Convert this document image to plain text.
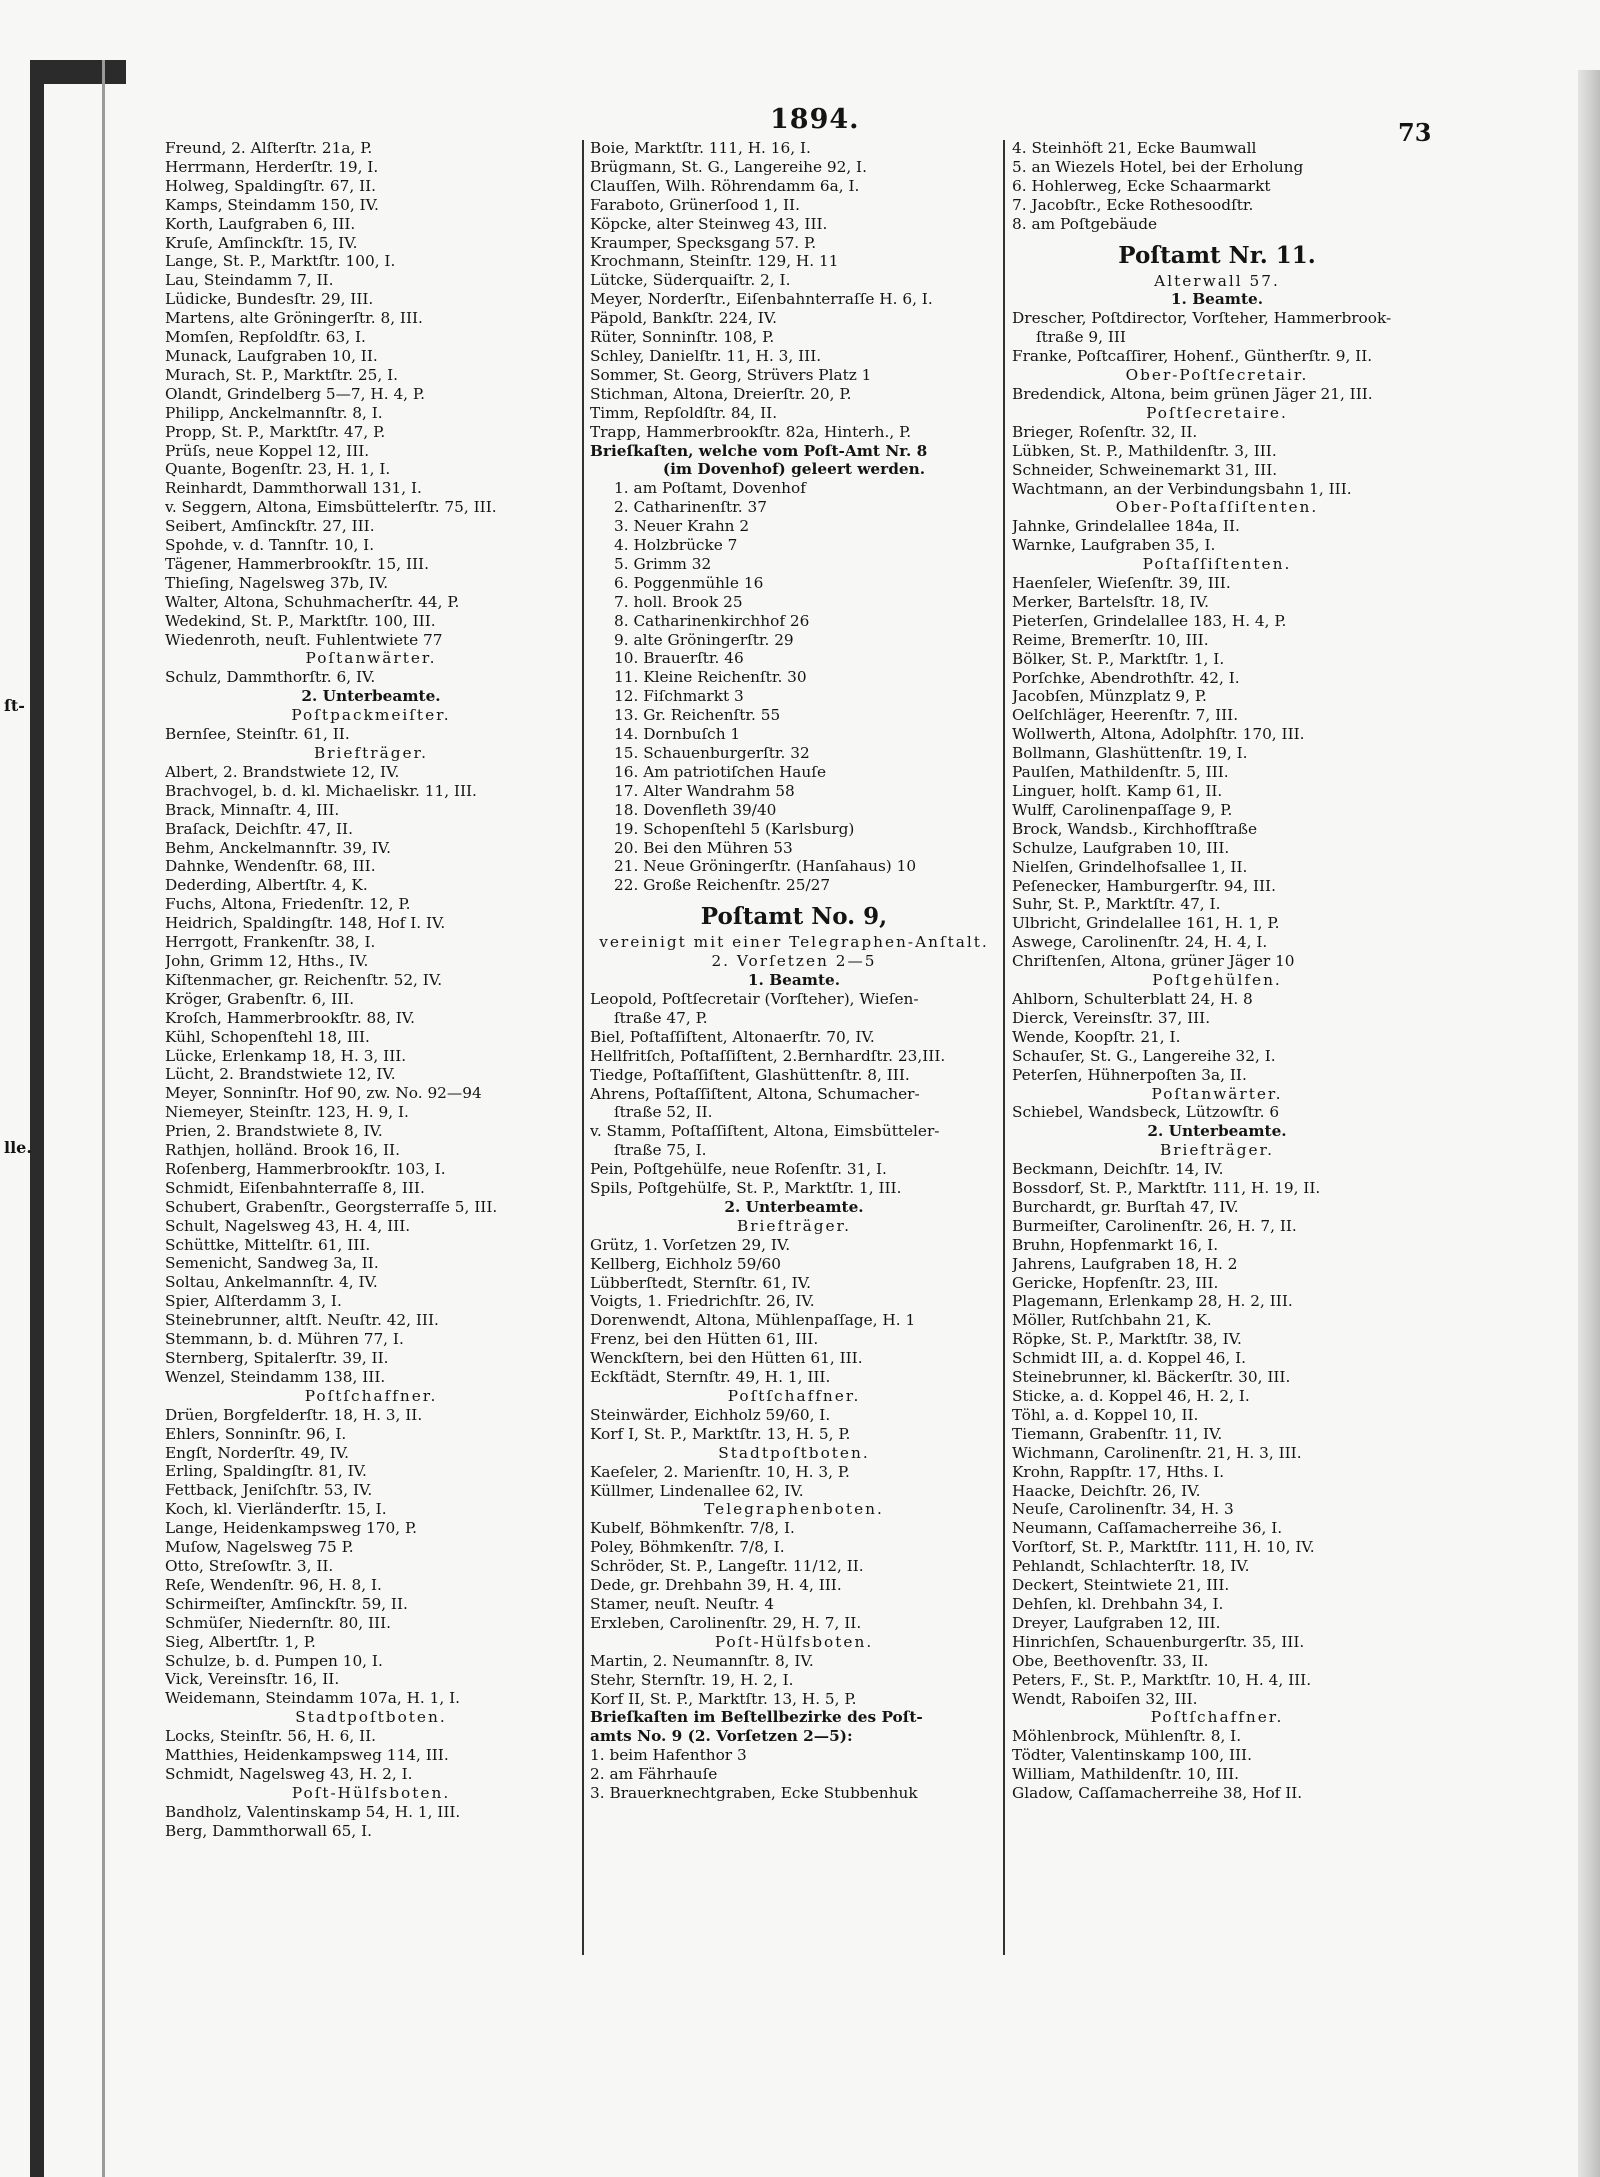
ſt-
lle.
1894.	73
Freund, 2. Alſterſtr. 21a, P.
Herrmann, Herderſtr. 19, I.
Holweg, Spaldingſtr. 67, II.
Kamps, Steindamm 150, IV.
Korth, Laufgraben 6, III.
Kruſe, Amſinckſtr. 15, IV.
Lange, St. P., Marktſtr. 100, I.
Lau, Steindamm 7, II.
Lüdicke, Bundesſtr. 29, III.
Martens, alte Gröningerſtr. 8, III.
Momſen, Repſoldſtr. 63, I.
Munack, Laufgraben 10, II.
Murach, St. P., Marktſtr. 25, I.
Olandt, Grindelberg 5—7, H. 4, P.
Philipp, Anckelmannſtr. 8, I.
Propp, St. P., Marktſtr. 47, P.
Prüſs, neue Koppel 12, III.
Quante, Bogenſtr. 23, H. 1, I.
Reinhardt, Dammthorwall 131, I.
v. Seggern, Altona, Eimsbüttelerſtr. 75, III.
Seibert, Amſinckſtr. 27, III.
Spohde, v. d. Tannſtr. 10, I.
Tägener, Hammerbrookſtr. 15, III.
Thieſing, Nagelsweg 37b, IV.
Walter, Altona, Schuhmacherſtr. 44, P.
Wedekind, St. P., Marktſtr. 100, III.
Wiedenroth, neuſt. Fuhlentwiete 77
Poſtanwärter.
Schulz, Dammthorſtr. 6, IV.
2. Unterbeamte.
Poſtpackmeiſter.
Bernſee, Steinſtr. 61, II.
Briefträger.
Albert, 2. Brandstwiete 12, IV.
Brachvogel, b. d. kl. Michaeliskr. 11, III.
Brack, Minnaſtr. 4, III.
Braſack, Deichſtr. 47, II.
Behm, Anckelmannſtr. 39, IV.
Dahnke, Wendenſtr. 68, III.
Dederding, Albertſtr. 4, K.
Fuchs, Altona, Friedenſtr. 12, P.
Heidrich, Spaldingſtr. 148, Hof I. IV.
Herrgott, Frankenſtr. 38, I.
John, Grimm 12, Hths., IV.
Kiſtenmacher, gr. Reichenſtr. 52, IV.
Kröger, Grabenſtr. 6, III.
Kroſch, Hammerbrookſtr. 88, IV.
Kühl, Schopenſtehl 18, III.
Lücke, Erlenkamp 18, H. 3, III.
Lücht, 2. Brandstwiete 12, IV.
Meyer, Sonninſtr. Hof 90, zw. No. 92—94
Niemeyer, Steinſtr. 123, H. 9, I.
Prien, 2. Brandstwiete 8, IV.
Rathjen, holländ. Brook 16, II.
Roſenberg, Hammerbrookſtr. 103, I.
Schmidt, Eiſenbahnterraſſe 8, III.
Schubert, Grabenſtr., Georgsterraſſe 5, III.
Schult, Nagelsweg 43, H. 4, III.
Schüttke, Mittelſtr. 61, III.
Semenicht, Sandweg 3a, II.
Soltau, Ankelmannſtr. 4, IV.
Spier, Alſterdamm 3, I.
Steinebrunner, altſt. Neuſtr. 42, III.
Stemmann, b. d. Mühren 77, I.
Sternberg, Spitalerſtr. 39, II.
Wenzel, Steindamm 138, III.
Poſtſchaffner.
Drüen, Borgfelderſtr. 18, H. 3, II.
Ehlers, Sonninſtr. 96, I.
Engſt, Norderſtr. 49, IV.
Erling, Spaldingſtr. 81, IV.
Fettback, Jeniſchſtr. 53, IV.
Koch, kl. Vierländerſtr. 15, I.
Lange, Heidenkampsweg 170, P.
Muſow, Nagelsweg 75 P.
Otto, Streſowſtr. 3, II.
Reſe, Wendenſtr. 96, H. 8, I.
Schirmeiſter, Amſinckſtr. 59, II.
Schmüſer, Niedernſtr. 80, III.
Sieg, Albertſtr. 1, P.
Schulze, b. d. Pumpen 10, I.
Vick, Vereinsſtr. 16, II.
Weidemann, Steindamm 107a, H. 1, I.
Stadtpoſtboten.
Locks, Steinſtr. 56, H. 6, II.
Matthies, Heidenkampsweg 114, III.
Schmidt, Nagelsweg 43, H. 2, I.
Poſt-Hülfsboten.
Bandholz, Valentinskamp 54, H. 1, III.
Berg, Dammthorwall 65, I.
Boie, Marktſtr. 111, H. 16, I.
Brügmann, St. G., Langereihe 92, I.
Clauſſen, Wilh. Röhrendamm 6a, I.
Faraboto, Grünerſood 1, II.
Köpcke, alter Steinweg 43, III.
Kraumper, Specksgang 57. P.
Krochmann, Steinſtr. 129, H. 11
Lütcke, Süderquaiſtr. 2, I.
Meyer, Norderſtr., Eiſenbahnterraſſe H. 6, I.
Päpold, Bankſtr. 224, IV.
Rüter, Sonninſtr. 108, P.
Schley, Danielſtr. 11, H. 3, III.
Sommer, St. Georg, Strüvers Platz 1
Stichman, Altona, Dreierſtr. 20, P.
Timm, Repſoldſtr. 84, II.
Trapp, Hammerbrookſtr. 82a, Hinterh., P.
Brieſkaſten, welche vom Poſt-Amt Nr. 8
(im Dovenhof) geleert werden.
1. am Poſtamt, Dovenhof
2. Catharinenſtr. 37
3. Neuer Krahn 2
4. Holzbrücke 7
5. Grimm 32
6. Poggenmühle 16
7. holl. Brook 25
8. Catharinenkirchhof 26
9. alte Gröningerſtr. 29
10. Brauerſtr. 46
11. Kleine Reichenſtr. 30
12. Fiſchmarkt 3
13. Gr. Reichenſtr. 55
14. Dornbuſch 1
15. Schauenburgerſtr. 32
16. Am patriotiſchen Hauſe
17. Alter Wandrahm 58
18. Dovenfleth 39/40
19. Schopenſtehl 5 (Karlsburg)
20. Bei den Mühren 53
21. Neue Gröningerſtr. (Hanſahaus) 10
22. Große Reichenſtr. 25/27
Poſtamt No. 9,
vereinigt mit einer Telegraphen-Anſtalt.
2. Vorſetzen 2—5
1. Beamte.
Leopold, Poſtſecretair (Vorſteher), Wieſen-
ſtraße 47, P.
Biel, Poſtaſſiſtent, Altonaerſtr. 70, IV.
Hellfritſch, Poſtaſſiſtent, 2.Bernhardſtr. 23,III.
Tiedge, Poſtaſſiſtent, Glashüttenſtr. 8, III.
Ahrens, Poſtaſſiſtent, Altona, Schumacher-
ſtraße 52, II.
v. Stamm, Poſtaſſiſtent, Altona, Eimsbütteler-
ſtraße 75, I.
Pein, Poſtgehülfe, neue Roſenſtr. 31, I.
Spils, Poſtgehülfe, St. P., Marktſtr. 1, III.
2. Unterbeamte.
Briefträger.
Grütz, 1. Vorſetzen 29, IV.
Kellberg, Eichholz 59/60
Lübberſtedt, Sternſtr. 61, IV.
Voigts, 1. Friedrichſtr. 26, IV.
Dorenwendt, Altona, Mühlenpaſſage, H. 1
Frenz, bei den Hütten 61, III.
Wenckſtern, bei den Hütten 61, III.
Eckſtädt, Sternſtr. 49, H. 1, III.
Poſtſchaffner.
Steinwärder, Eichholz 59/60, I.
Korf I, St. P., Marktſtr. 13, H. 5, P.
Stadtpoſtboten.
Kaeſeler, 2. Marienſtr. 10, H. 3, P.
Küllmer, Lindenallee 62, IV.
Telegraphenboten.
Kubelf, Böhmkenſtr. 7/8, I.
Poley, Böhmkenſtr. 7/8, I.
Schröder, St. P., Langeſtr. 11/12, II.
Dede, gr. Drehbahn 39, H. 4, III.
Stamer, neuſt. Neuſtr. 4
Erxleben, Carolinenſtr. 29, H. 7, II.
Poſt-Hülfsboten.
Martin, 2. Neumannſtr. 8, IV.
Stehr, Sternſtr. 19, H. 2, I.
Korf II, St. P., Marktſtr. 13, H. 5, P.
Brieſkaſten im Beſtellbezirke des Poſt-
amts No. 9 (2. Vorſetzen 2—5):
1. beim Hafenthor 3
2. am Fährhauſe
3. Brauerknechtgraben, Ecke Stubbenhuk
4. Steinhöft 21, Ecke Baumwall
5. an Wiezels Hotel, bei der Erholung
6. Hohlerweg, Ecke Schaarmarkt
7. Jacobſtr., Ecke Rothesoodſtr.
8. am Poſtgebäude
Poſtamt Nr. 11.
Alterwall 57.
1. Beamte.
Drescher, Poſtdirector, Vorſteher, Hammerbrook-
ſtraße 9, III
Franke, Poſtcaſſirer, Hohenf., Güntherſtr. 9, II.
Ober-Poſtſecretair.
Bredendick, Altona, beim grünen Jäger 21, III.
Poſtſecretaire.
Brieger, Roſenſtr. 32, II.
Lübken, St. P., Mathildenſtr. 3, III.
Schneider, Schweinemarkt 31, III.
Wachtmann, an der Verbindungsbahn 1, III.
Ober-Poſtaſſiſtenten.
Jahnke, Grindelallee 184a, II.
Warnke, Laufgraben 35, I.
Poſtaſſiſtenten.
Haenſeler, Wieſenſtr. 39, III.
Merker, Bartelsſtr. 18, IV.
Pieterſen, Grindelallee 183, H. 4, P.
Reime, Bremerſtr. 10, III.
Bölker, St. P., Marktſtr. 1, I.
Porſchke, Abendrothſtr. 42, I.
Jacobſen, Münzplatz 9, P.
Oelſchläger, Heerenſtr. 7, III.
Wollwerth, Altona, Adolphſtr. 170, III.
Bollmann, Glashüttenſtr. 19, I.
Paulſen, Mathildenſtr. 5, III.
Linguer, holſt. Kamp 61, II.
Wulff, Carolinenpaſſage 9, P.
Brock, Wandsb., Kirchhofſtraße
Schulze, Laufgraben 10, III.
Nielſen, Grindelhofsallee 1, II.
Peſenecker, Hamburgerſtr. 94, III.
Suhr, St. P., Marktſtr. 47, I.
Ulbricht, Grindelallee 161, H. 1, P.
Aswege, Carolinenſtr. 24, H. 4, I.
Chriſtenſen, Altona, grüner Jäger 10
Poſtgehülfen.
Ahlborn, Schulterblatt 24, H. 8
Dierck, Vereinsſtr. 37, III.
Wende, Koopſtr. 21, I.
Schauſer, St. G., Langereihe 32, I.
Peterſen, Hühnerpoſten 3a, II.
Poſtanwärter.
Schiebel, Wandsbeck, Lützowſtr. 6
2. Unterbeamte.
Briefträger.
Beckmann, Deichſtr. 14, IV.
Bossdorf, St. P., Marktſtr. 111, H. 19, II.
Burchardt, gr. Burſtah 47, IV.
Burmeiſter, Carolinenſtr. 26, H. 7, II.
Bruhn, Hopfenmarkt 16, I.
Jahrens, Laufgraben 18, H. 2
Gericke, Hopfenſtr. 23, III.
Plagemann, Erlenkamp 28, H. 2, III.
Möller, Rutſchbahn 21, K.
Röpke, St. P., Marktſtr. 38, IV.
Schmidt III, a. d. Koppel 46, I.
Steinebrunner, kl. Bäckerſtr. 30, III.
Sticke, a. d. Koppel 46, H. 2, I.
Töhl, a. d. Koppel 10, II.
Tiemann, Grabenſtr. 11, IV.
Wichmann, Carolinenſtr. 21, H. 3, III.
Krohn, Rappſtr. 17, Hths. I.
Haacke, Deichſtr. 26, IV.
Neuſe, Carolinenſtr. 34, H. 3
Neumann, Caſſamacherreihe 36, I.
Vorſtorf, St. P., Marktſtr. 111, H. 10, IV.
Pehlandt, Schlachterſtr. 18, IV.
Deckert, Steintwiete 21, III.
Dehſen, kl. Drehbahn 34, I.
Dreyer, Laufgraben 12, III.
Hinrichſen, Schauenburgerſtr. 35, III.
Obe, Beethovenſtr. 33, II.
Peters, F., St. P., Marktſtr. 10, H. 4, III.
Wendt, Raboiſen 32, III.
Poſtſchaffner.
Möhlenbrock, Mühlenſtr. 8, I.
Tödter, Valentinskamp 100, III.
William, Mathildenſtr. 10, III.
Gladow, Caſſamacherreihe 38, Hof II.
